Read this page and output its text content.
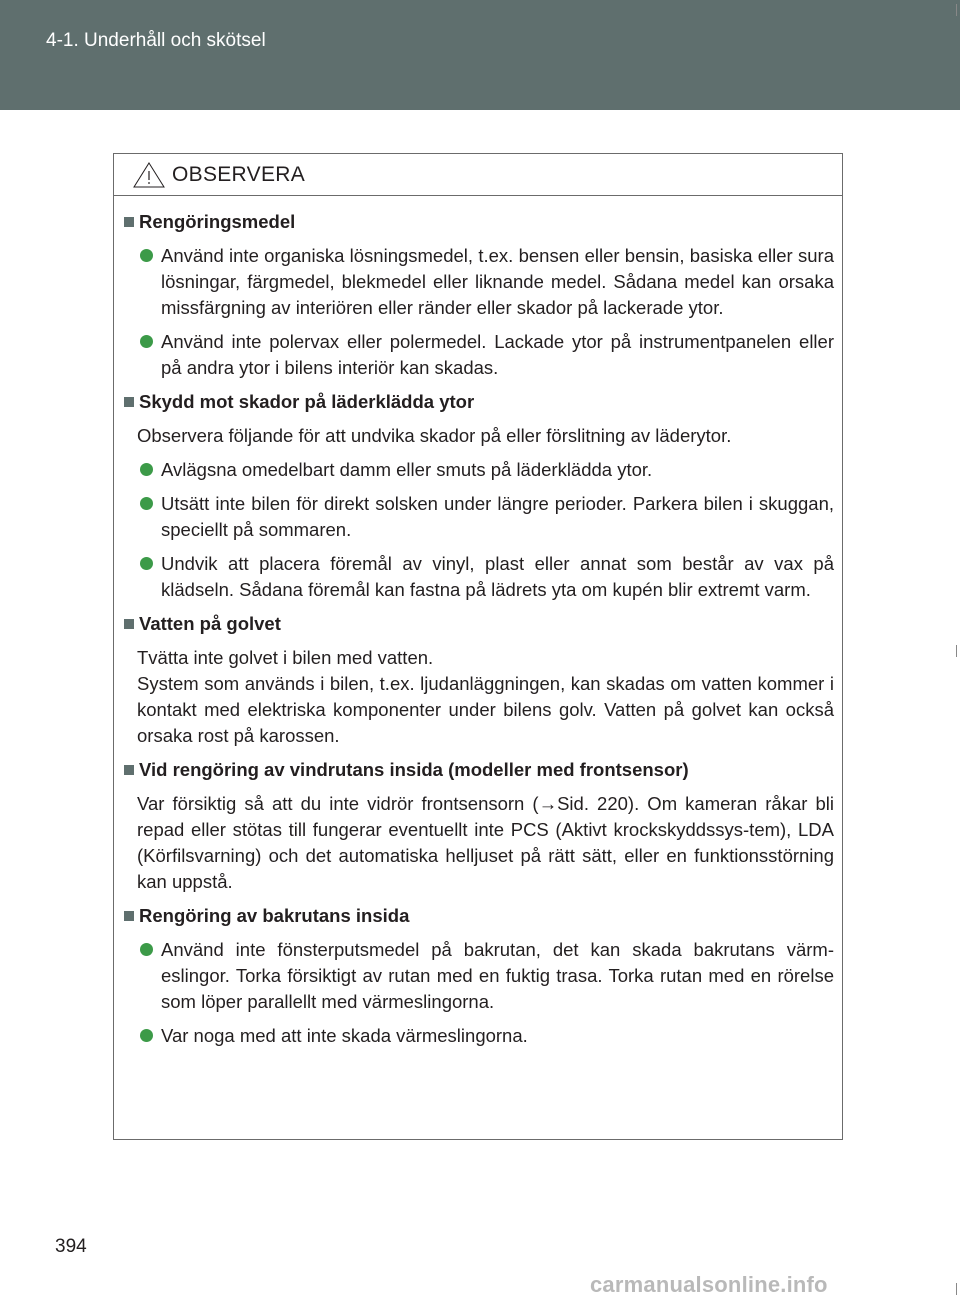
4-1. Underhåll och skötsel
OBSERVERA
Rengöringsmedel
Använd inte organiska lösningsmedel, t.ex. bensen eller bensin, basiska eller sura lösningar, färgmedel, blekmedel eller liknande medel. Sådana medel kan orsaka missfärgning av interiören eller ränder eller skador på lackerade ytor.
Använd inte polervax eller polermedel. Lackade ytor på instrumentpanelen eller på andra ytor i bilens interiör kan skadas.
Skydd mot skador på läderklädda ytor
Observera följande för att undvika skador på eller förslitning av läderytor.
Avlägsna omedelbart damm eller smuts på läderklädda ytor.
Utsätt inte bilen för direkt solsken under längre perioder. Parkera bilen i skuggan, speciellt på sommaren.
Undvik att placera föremål av vinyl, plast eller annat som består av vax på klädseln. Sådana föremål kan fastna på lädrets yta om kupén blir extremt varm.
Vatten på golvet
Tvätta inte golvet i bilen med vatten.
System som används i bilen, t.ex. ljudanläggningen, kan skadas om vatten kommer i kontakt med elektriska komponenter under bilens golv. Vatten på golvet kan också orsaka rost på karossen.
Vid rengöring av vindrutans insida (modeller med frontsensor)
Var försiktig så att du inte vidrör frontsensorn (→Sid. 220). Om kameran råkar bli repad eller stötas till fungerar eventuellt inte PCS (Aktivt krockskyddssys-tem), LDA (Körfilsvarning) och det automatiska helljuset på rätt sätt, eller en funktionsstörning kan uppstå.
Rengöring av bakrutans insida
Använd inte fönsterputsmedel på bakrutan, det kan skada bakrutans värm-eslingor. Torka försiktigt av rutan med en fuktig trasa. Torka rutan med en rörelse som löper parallellt med värmeslingorna.
Var noga med att inte skada värmeslingorna.
394
carmanualsonline.info
